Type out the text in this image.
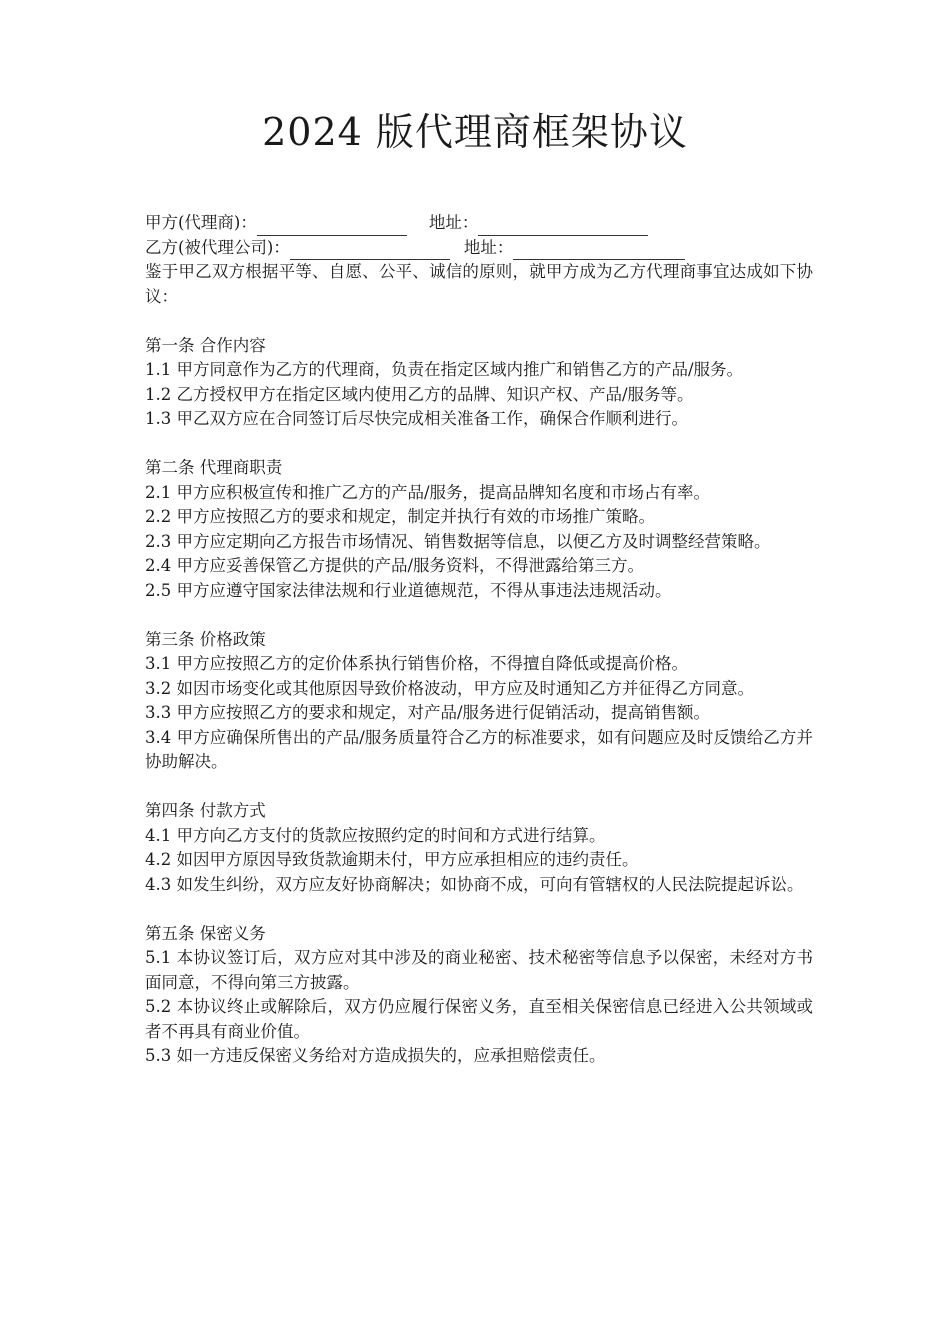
2024 版代理商框架协议
甲方(代理商)：	地址：
乙方(被代理公司)：	地址：

鉴于甲乙双方根据平等、自愿、公平、诚信的原则，就甲方成为乙方代理商事宜达成如下协议：

第一条 合作内容

1.1 甲方同意作为乙方的代理商，负责在指定区域内推广和销售乙方的产品/服务。

1.2 乙方授权甲方在指定区域内使用乙方的品牌、知识产权、产品/服务等。

1.3 甲乙双方应在合同签订后尽快完成相关准备工作，确保合作顺利进行。

第二条 代理商职责

2.1 甲方应积极宣传和推广乙方的产品/服务，提高品牌知名度和市场占有率。

2.2 甲方应按照乙方的要求和规定，制定并执行有效的市场推广策略。

2.3 甲方应定期向乙方报告市场情况、销售数据等信息，以便乙方及时调整经营策略。

2.4 甲方应妥善保管乙方提供的产品/服务资料，不得泄露给第三方。

2.5 甲方应遵守国家法律法规和行业道德规范，不得从事违法违规活动。

第三条 价格政策

3.1 甲方应按照乙方的定价体系执行销售价格，不得擅自降低或提高价格。

3.2 如因市场变化或其他原因导致价格波动，甲方应及时通知乙方并征得乙方同意。

3.3 甲方应按照乙方的要求和规定，对产品/服务进行促销活动，提高销售额。

3.4 甲方应确保所售出的产品/服务质量符合乙方的标准要求，如有问题应及时反馈给乙方并协助解决。

第四条 付款方式

4.1 甲方向乙方支付的货款应按照约定的时间和方式进行结算。

4.2 如因甲方原因导致货款逾期未付，甲方应承担相应的违约责任。

4.3 如发生纠纷，双方应友好协商解决；如协商不成，可向有管辖权的人民法院提起诉讼。

第五条 保密义务

5.1 本协议签订后，双方应对其中涉及的商业秘密、技术秘密等信息予以保密，未经对方书面同意，不得向第三方披露。

5.2 本协议终止或解除后，双方仍应履行保密义务，直至相关保密信息已经进入公共领域或者不再具有商业价值。

5.3 如一方违反保密义务给对方造成损失的，应承担赔偿责任。
